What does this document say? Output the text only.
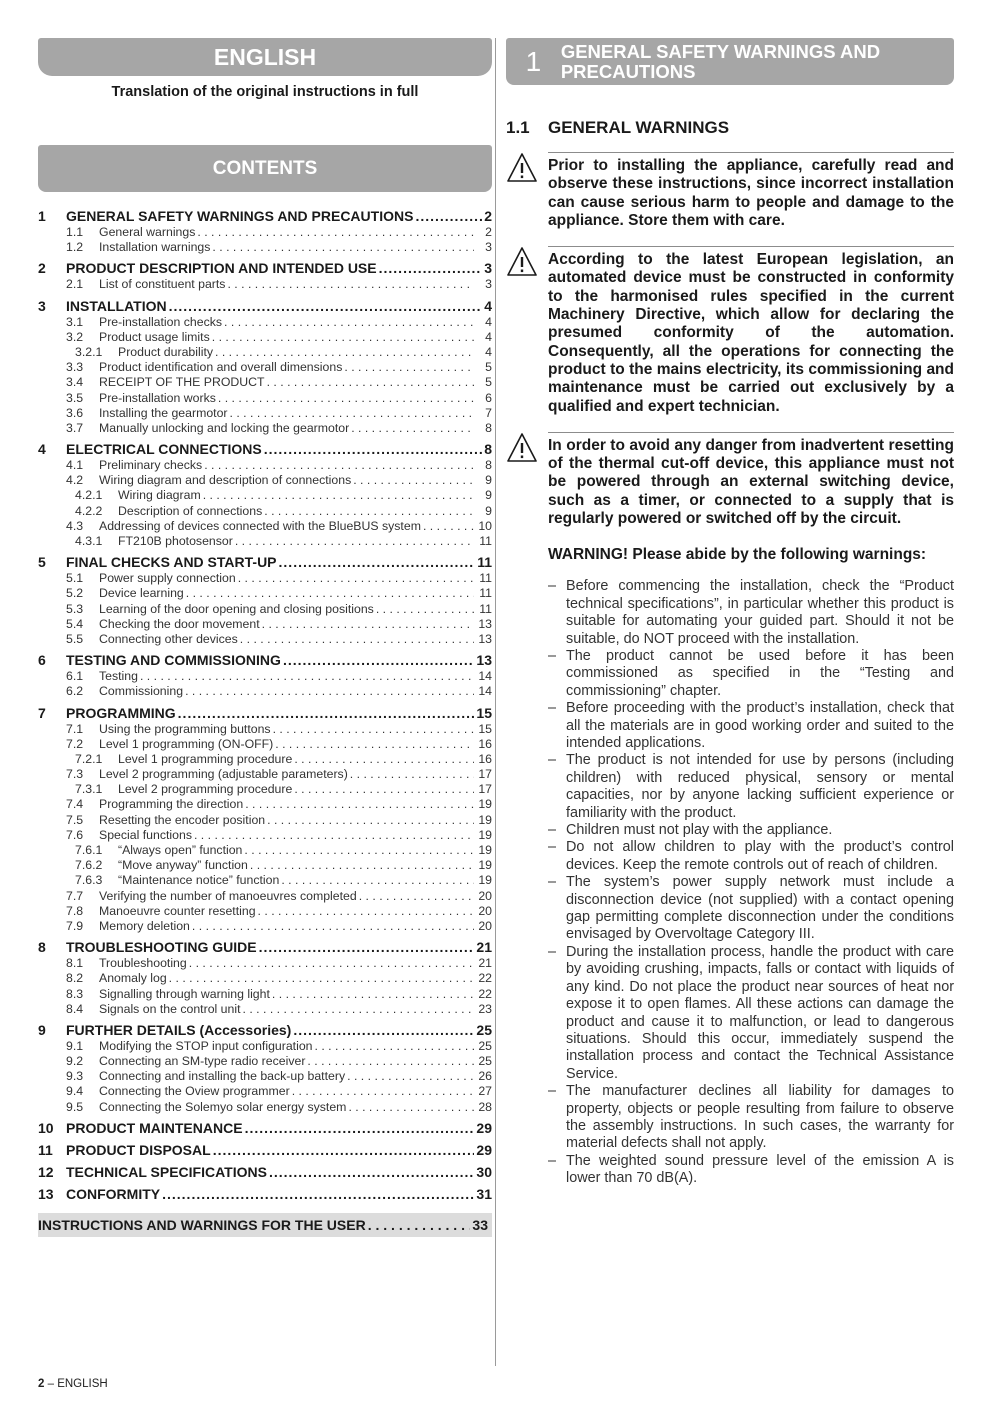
ENGLISH
Translation of the original instructions in full
CONTENTS
1	GENERAL SAFETY WARNINGS AND PRECAUTIONS .....	2
1.1	General warnings . . .	2
1.2	Installation warnings . . .	3
2	PRODUCT DESCRIPTION AND INTENDED USE .....	3
2.1	List of constituent parts . . .	3
3	INSTALLATION .....	4
3.1	Pre-installation checks . . .	4
3.2	Product usage limits . . .	4
3.2.1	Product durability . . .	4
3.3	Product identification and overall dimensions . . .	5
3.4	RECEIPT OF THE PRODUCT . . .	5
3.5	Pre-installation works . . .	6
3.6	Installing the gearmotor . . .	7
3.7	Manually unlocking and locking the gearmotor . . .	8
4	ELECTRICAL CONNECTIONS .....	8
4.1	Preliminary checks . . .	8
4.2	Wiring diagram and description of connections . . .	9
4.2.1	Wiring diagram . . .	9
4.2.2	Description of connections . . .	9
4.3	Addressing of devices connected with the BlueBUS system . . .	10
4.3.1	FT210B photosensor . . .	11
5	FINAL CHECKS AND START-UP .....	11
5.1	Power supply connection . . .	11
5.2	Device learning . . .	11
5.3	Learning of the door opening and closing positions . . .	11
5.4	Checking the door movement . . .	13
5.5	Connecting other devices . . .	13
6	TESTING AND COMMISSIONING .....	13
6.1	Testing . . .	14
6.2	Commissioning . . .	14
7	PROGRAMMING .....	15
7.1	Using the programming buttons . . .	15
7.2	Level 1 programming (ON-OFF) . . .	16
7.2.1	Level 1 programming procedure . . .	16
7.3	Level 2 programming (adjustable parameters) . . .	17
7.3.1	Level 2 programming procedure . . .	17
7.4	Programming the direction . . .	19
7.5	Resetting the encoder position . . .	19
7.6	Special functions . . .	19
7.6.1	“Always open” function . . .	19
7.6.2	“Move anyway” function . . .	19
7.6.3	“Maintenance notice” function . . .	19
7.7	Verifying the number of manoeuvres completed . . .	20
7.8	Manoeuvre counter resetting . . .	20
7.9	Memory deletion . . .	20
8	TROUBLESHOOTING GUIDE .....	21
8.1	Troubleshooting . . .	21
8.2	Anomaly log . . .	22
8.3	Signalling through warning light . . .	22
8.4	Signals on the control unit . . .	23
9	FURTHER DETAILS (Accessories) .....	25
9.1	Modifying the STOP input configuration . . .	25
9.2	Connecting an SM-type radio receiver . . .	25
9.3	Connecting and installing the back-up battery . . .	26
9.4	Connecting the Oview programmer . . .	27
9.5	Connecting the Solemyo solar energy system . . .	28
10 PRODUCT MAINTENANCE .....	29
11 PRODUCT DISPOSAL .....	29
12 TECHNICAL SPECIFICATIONS .....	30
13 CONFORMITY .....	31
INSTRUCTIONS AND WARNINGS FOR THE USER . . .	33
1	GENERAL SAFETY WARNINGS AND PRECAUTIONS
1.1	GENERAL WARNINGS
Prior to installing the appliance, carefully read and observe these instructions, since incorrect installation can cause serious harm to people and damage to the appliance. Store them with care.
According to the latest European legislation, an automated device must be constructed in conformity to the harmonised rules specified in the current Machinery Directive, which allow for declaring the presumed conformity of the automation. Consequently, all the operations for connecting the product to the mains electricity, its commissioning and maintenance must be carried out exclusively by a qualified and expert technician.
In order to avoid any danger from inadvertent resetting of the thermal cut-off device, this appliance must not be powered through an external switching device, such as a timer, or connected to a supply that is regularly powered or switched off by the circuit.
WARNING! Please abide by the following warnings:
– Before commencing the installation, check the “Product technical specifications”, in particular whether this product is suitable for automating your guided part. Should it not be suitable, do NOT proceed with the installation.
– The product cannot be used before it has been commissioned as specified in the “Testing and commissioning” chapter.
– Before proceeding with the product’s installation, check that all the materials are in good working order and suited to the intended applications.
– The product is not intended for use by persons (including children) with reduced physical, sensory or mental capacities, nor by anyone lacking sufficient experience or familiarity with the product.
– Children must not play with the appliance.
– Do not allow children to play with the product’s control devices. Keep the remote controls out of reach of children.
– The system’s power supply network must include a disconnection device (not supplied) with a contact opening gap permitting complete disconnection under the conditions envisaged by Overvoltage Category III.
– During the installation process, handle the product with care by avoiding crushing, impacts, falls or contact with liquids of any kind. Do not place the product near sources of heat nor expose it to open flames. All these actions can damage the product and cause it to malfunction, or lead to dangerous situations. Should this occur, immediately suspend the installation process and contact the Technical Assistance Service.
– The manufacturer declines all liability for damages to property, objects or people resulting from failure to observe the assembly instructions. In such cases, the warranty for material defects shall not apply.
– The weighted sound pressure level of the emission A is lower than 70 dB(A).
2 – ENGLISH
